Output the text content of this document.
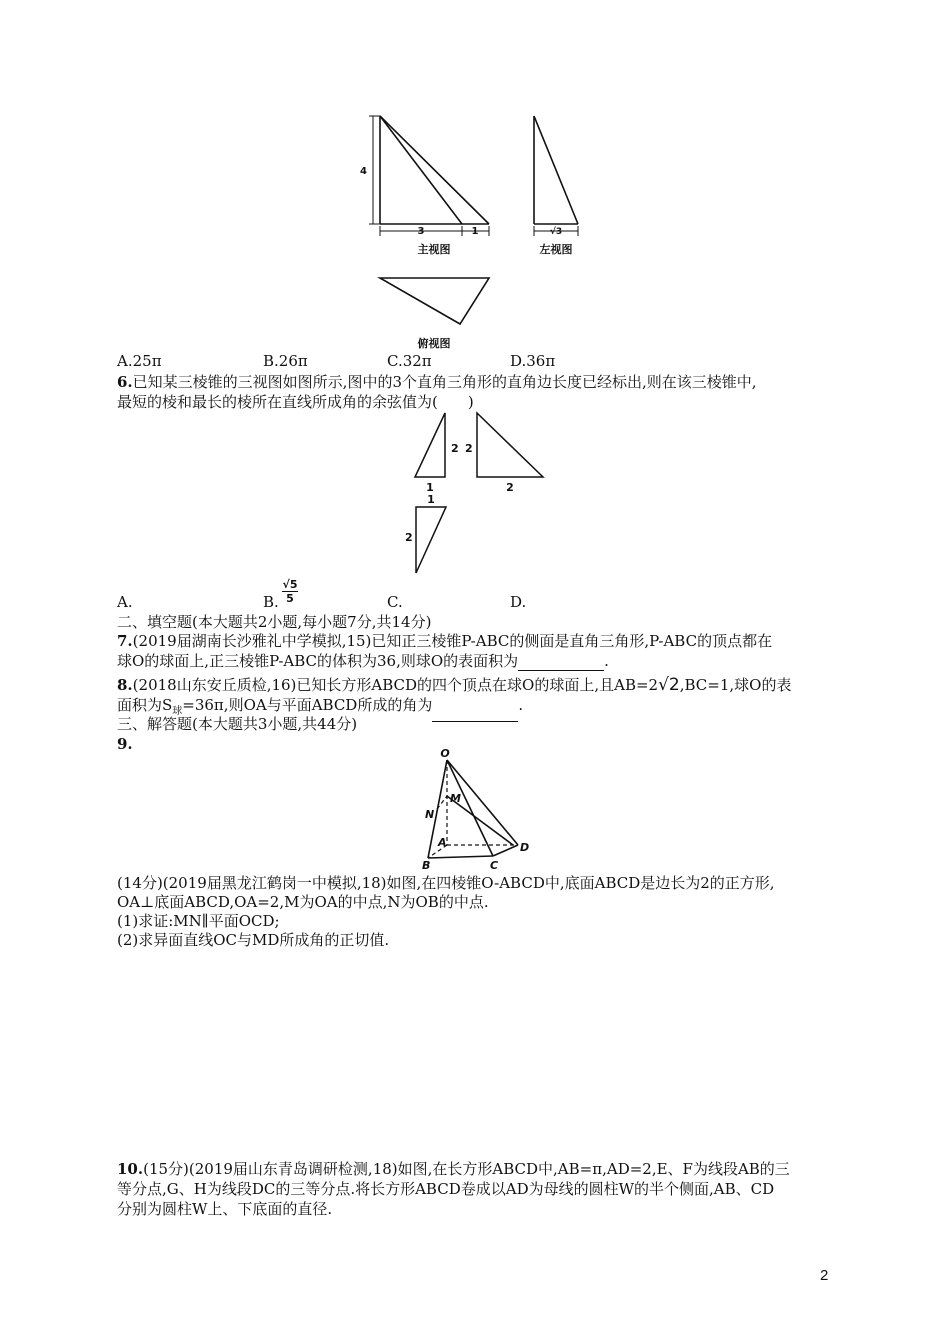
4
3	1
主视图
√3
左视图
俯视图
A.25π	B.26π	C.32π	D.36π
6.已知某三棱锥的三视图如图所示,图中的3个直角三角形的直角边长度已经标出,则在该三棱锥中,
最短的棱和最长的棱所在直线所成角的余弦值为(　　)
2 2
1	2
1
2
A.	B. $\frac{√5}{5}$	C.	D.
二、填空题(本大题共2小题,每小题7分,共14分)
7.(2019届湖南长沙雅礼中学模拟,15)已知正三棱锥P-ABC的侧面是直角三角形,P-ABC的顶点都在
球O的球面上,正三棱锥P-ABC的体积为36,则球O的表面积为	.
8.(2018山东安丘质检,16)已知长方形ABCD的四个顶点在球O的球面上,且AB=2√2,BC=1,球O的表
面积为$S_球=36\pi$,则OA与平面ABCD所成的角为	.
三、解答题(本大题共3小题,共44分)
9.
O
M
N
A
B	C
D
(14分)(2019届黑龙江鹤岗一中模拟,18)如图,在四棱锥O-ABCD中,底面ABCD是边长为2的正方形,
OA⊥底面ABCD,OA=2,M为OA的中点,N为OB的中点.
(1)求证:MN∥平面OCD;
(2)求异面直线OC与MD所成角的正切值.
10.(15分)(2019届山东青岛调研检测,18)如图,在长方形ABCD中,AB=π,AD=2,E、F为线段AB的三
等分点,G、H为线段DC的三等分点.将长方形ABCD卷成以AD为母线的圆柱W的半个侧面,AB、CD
分别为圆柱W上、下底面的直径.
2
